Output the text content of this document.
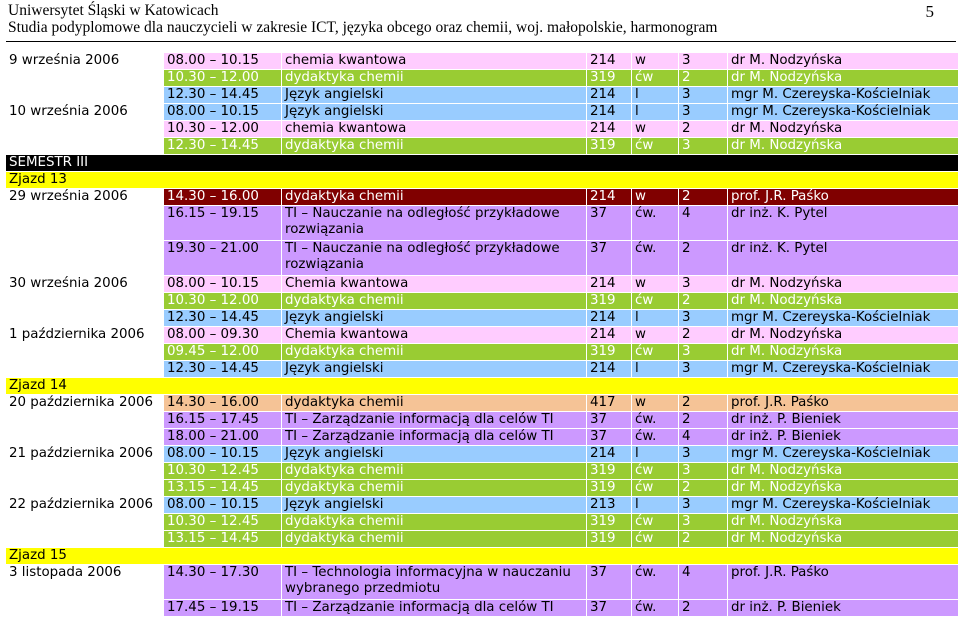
Uniwersytet Śląski w Katowicach
Studia podyplomowe dla nauczycieli w zakresie ICT, języka obcego oraz chemii, woj. małopolskie, harmonogram
5
9 września 2006	08.00 – 10.15	chemia kwantowa	214	w	3	dr M. Nodzyńska
	10.30 – 12.00	dydaktyka chemii	319	ćw	2	dr M. Nodzyńska
	12.30 – 14.45	Język angielski	214	l	3	mgr M. Czereyska-Kościelniak
10 września 2006	08.00 – 10.15	Język angielski	214	l	3	mgr M. Czereyska-Kościelniak
	10.30 – 12.00	chemia kwantowa	214	w	2	dr M. Nodzyńska
	12.30 – 14.45	dydaktyka chemii	319	ćw	3	dr M. Nodzyńska
SEMESTR III						
Zjazd 13						
29 września 2006	14.30 – 16.00	dydaktyka chemii	214	w	2	prof. J.R. Paśko
	16.15 – 19.15	TI – Nauczanie na odległość przykładowe rozwiązania	37	ćw.	4	dr inż. K. Pytel
	19.30 – 21.00	TI – Nauczanie na odległość przykładowe rozwiązania	37	ćw.	2	dr inż. K. Pytel
30 września 2006	08.00 – 10.15	Chemia kwantowa	214	w	3	dr M. Nodzyńska
	10.30 – 12.00	dydaktyka chemii	319	ćw	2	dr M. Nodzyńska
	12.30 – 14.45	Język angielski	214	l	3	mgr M. Czereyska-Kościelniak
1 października 2006	08.00 – 09.30	Chemia kwantowa	214	w	2	dr M. Nodzyńska
	09.45 – 12.00	dydaktyka chemii	319	ćw	3	dr M. Nodzyńska
	12.30 – 14.45	Język angielski	214	l	3	mgr M. Czereyska-Kościelniak
Zjazd 14						
20 października 2006	14.30 – 16.00	dydaktyka chemii	417	w	2	prof. J.R. Paśko
	16.15 – 17.45	TI – Zarządzanie informacją dla celów TI	37	ćw.	2	dr inż. P. Bieniek
	18.00 – 21.00	TI – Zarządzanie informacją dla celów TI	37	ćw.	4	dr inż. P. Bieniek
21 października 2006	08.00 – 10.15	Język angielski	214	l	3	mgr M. Czereyska-Kościelniak
	10.30 – 12.45	dydaktyka chemii	319	ćw	3	dr M. Nodzyńska
	13.15 – 14.45	dydaktyka chemii	319	ćw	2	dr M. Nodzyńska
22 października 2006	08.00 – 10.15	Język angielski	213	l	3	mgr M. Czereyska-Kościelniak
	10.30 – 12.45	dydaktyka chemii	319	ćw	3	dr M. Nodzyńska
	13.15 – 14.45	dydaktyka chemii	319	ćw	2	dr M. Nodzyńska
Zjazd 15						
3 listopada 2006	14.30 – 17.30	TI – Technologia informacyjna w nauczaniu wybranego przedmiotu	37	ćw.	4	prof. J.R. Paśko
	17.45 – 19.15	TI – Zarządzanie informacją dla celów TI	37	ćw.	2	dr inż. P. Bieniek
